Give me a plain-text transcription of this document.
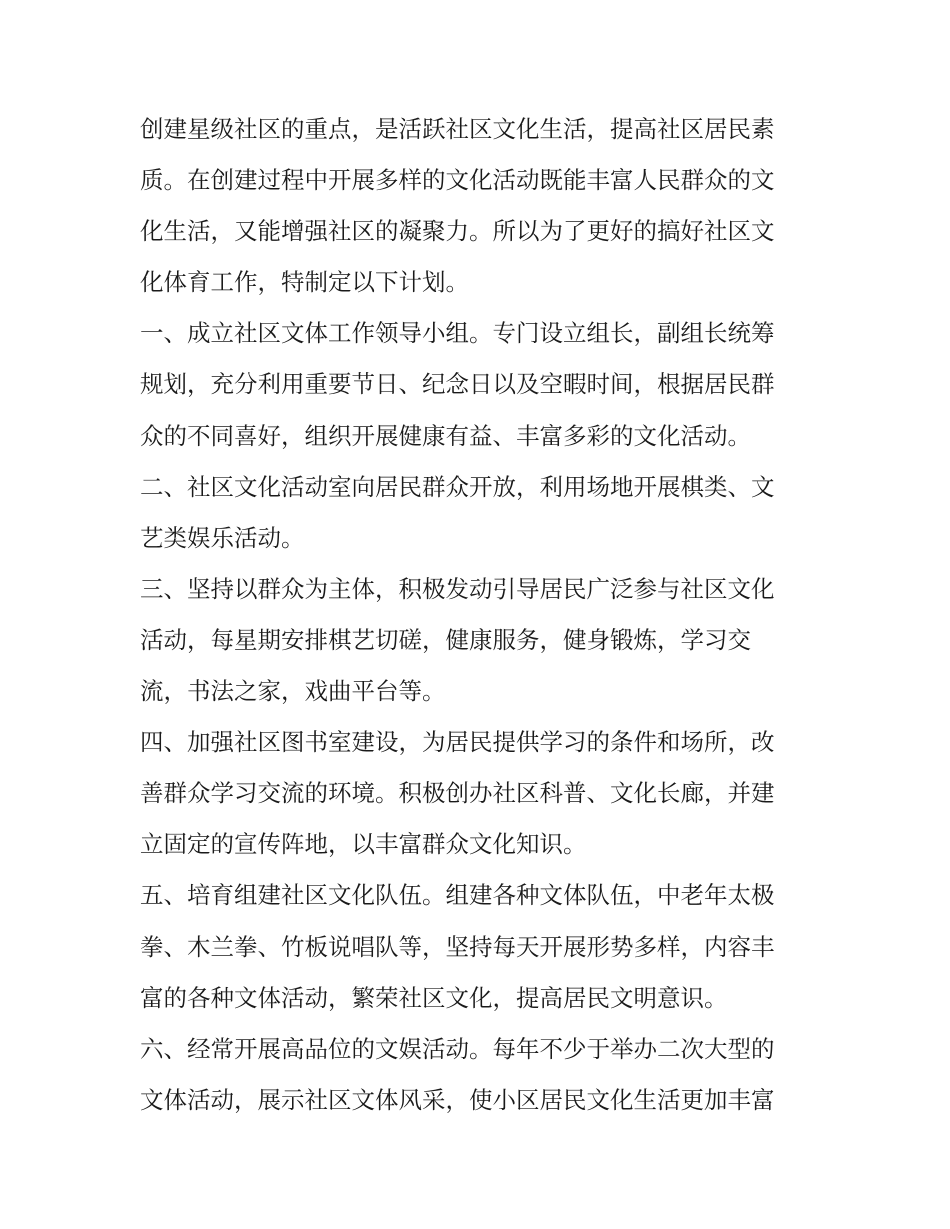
创建星级社区的重点，是活跃社区文化生活，提高社区居民素
质。在创建过程中开展多样的文化活动既能丰富人民群众的文
化生活，又能增强社区的凝聚力。所以为了更好的搞好社区文
化体育工作，特制定以下计划。
一、成立社区文体工作领导小组。专门设立组长，副组长统筹
规划，充分利用重要节日、纪念日以及空暇时间，根据居民群
众的不同喜好，组织开展健康有益、丰富多彩的文化活动。
二、社区文化活动室向居民群众开放，利用场地开展棋类、文
艺类娱乐活动。
三、坚持以群众为主体，积极发动引导居民广泛参与社区文化
活动，每星期安排棋艺切磋，健康服务，健身锻炼，学习交
流，书法之家，戏曲平台等。
四、加强社区图书室建设，为居民提供学习的条件和场所，改
善群众学习交流的环境。积极创办社区科普、文化长廊，并建
立固定的宣传阵地，以丰富群众文化知识。
五、培育组建社区文化队伍。组建各种文体队伍，中老年太极
拳、木兰拳、竹板说唱队等，坚持每天开展形势多样，内容丰
富的各种文体活动，繁荣社区文化，提高居民文明意识。
六、经常开展高品位的文娱活动。每年不少于举办二次大型的
文体活动，展示社区文体风采，使小区居民文化生活更加丰富
